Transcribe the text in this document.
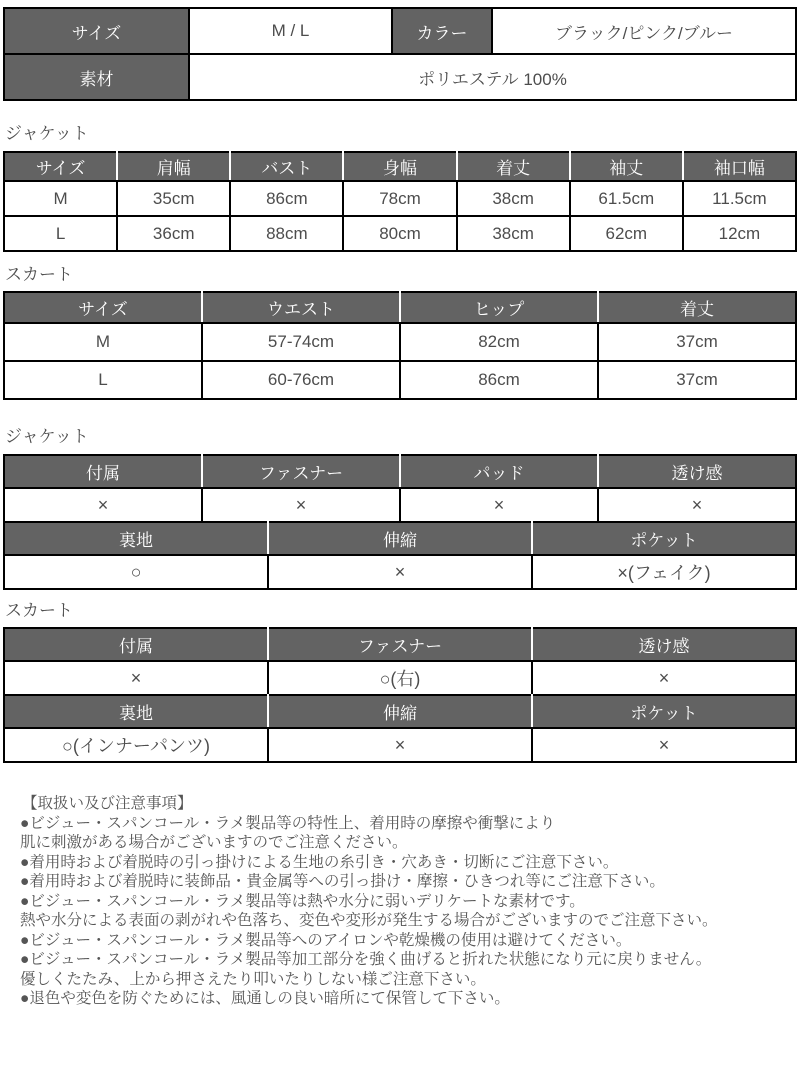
サイズ	M / L	カラー	ブラック/ピンク/ブルー
素材	ポリエステル 100%		
ジャケット
サイズ	肩幅	バスト	身幅	着丈	袖丈	袖口幅
M	35cm	86cm	78cm	38cm	61.5cm	11.5cm
L	36cm	88cm	80cm	38cm	62cm	12cm
スカート
サイズ	ウエスト	ヒップ	着丈
M	57-74cm	82cm	37cm
L	60-76cm	86cm	37cm
ジャケット
付属	ファスナー	パッド	透け感
×	×	×	×
裏地	伸縮	ポケット
○	×	×(フェイク)
スカート
付属	ファスナー	透け感
×	○(右)	×
裏地	伸縮	ポケット
○(インナーパンツ)	×	×
【取扱い及び注意事項】
●ビジュー・スパンコール・ラメ製品等の特性上、着用時の摩擦や衝撃により
肌に刺激がある場合がございますのでご注意ください。
●着用時および着脱時の引っ掛けによる生地の糸引き・穴あき・切断にご注意下さい。
●着用時および着脱時に装飾品・貴金属等への引っ掛け・摩擦・ひきつれ等にご注意下さい。
●ビジュー・スパンコール・ラメ製品等は熱や水分に弱いデリケートな素材です。
熱や水分による表面の剥がれや色落ち、変色や変形が発生する場合がございますのでご注意下さい。
●ビジュー・スパンコール・ラメ製品等へのアイロンや乾燥機の使用は避けてください。
●ビジュー・スパンコール・ラメ製品等加工部分を強く曲げると折れた状態になり元に戻りません。
優しくたたみ、上から押さえたり叩いたりしない様ご注意下さい。
●退色や変色を防ぐためには、風通しの良い暗所にて保管して下さい。
